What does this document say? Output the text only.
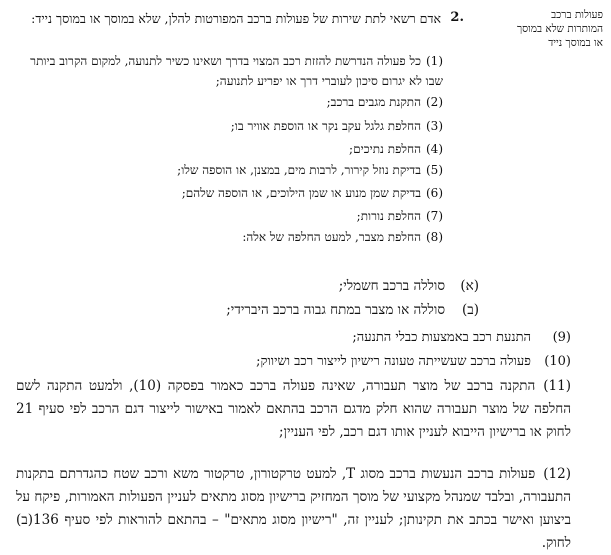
פעולות ברכב המותרות שלא במוסך או במוסך נייד
.2
אדם רשאי לתת שירות של פעולות ברכב המפורטות להלן, שלא במוסך או במוסך נייד:
(1)כל פעולה הנדרשת להזזת רכב המצוי בדרך ושאינו כשיר לתנועה, למקום הקרוב ביותר שבו לא יגרום סיכון לעוברי דרך או יפריע לתנועה;
(2)התקנת מגבים ברכב;
(3)החלפת גלגל עקב נקר או הוספת אוויר בו;
(4)החלפת נתיכים;
(5)בדיקת נוזל קירור, לרבות מים, במצנן, או הוספה שלו;
(6)בדיקת שמן מנוע או שמן הילוכים, או הוספה שלהם;
(7)החלפת נורות;
(8)החלפת מצבר, למעט החלפה של אלה:
(א)סוללה ברכב חשמלי;
(ב)סוללה או מצבר במתח גבוה ברכב היברידי;
(9)התנעת רכב באמצעות כבלי התנעה;
(10)פעולה ברכב שעשייתה טעונה רישיון לייצור רכב ושיווק;
(11)התקנה ברכב של מוצר תעבורה, שאינה פעולה ברכב כאמור בפסקה (10), ולמעט התקנה לשם החלפה של מוצר תעבורה שהוא חלק מדגם הרכב בהתאם לאמור באישור לייצור דגם הרכב לפי סעיף 21 לחוק או ברישיון הייבוא לעניין אותו דגם רכב, לפי העניין;
(12)פעולות ברכב הנעשות ברכב מסוג T, למעט טרקטורון, טרקטור משא ורכב שטח כהגדרתם בתקנות התעבורה, ובלבד שמנהל מקצועי של מוסך המחזיק ברישיון מסוג מתאים לעניין הפעולות האמורות, פיקח על ביצוען ואישר בכתב את תקינותן; לעניין זה, "רישיון מסוג מתאים" – בהתאם להוראות לפי סעיף 136(ב) לחוק.
